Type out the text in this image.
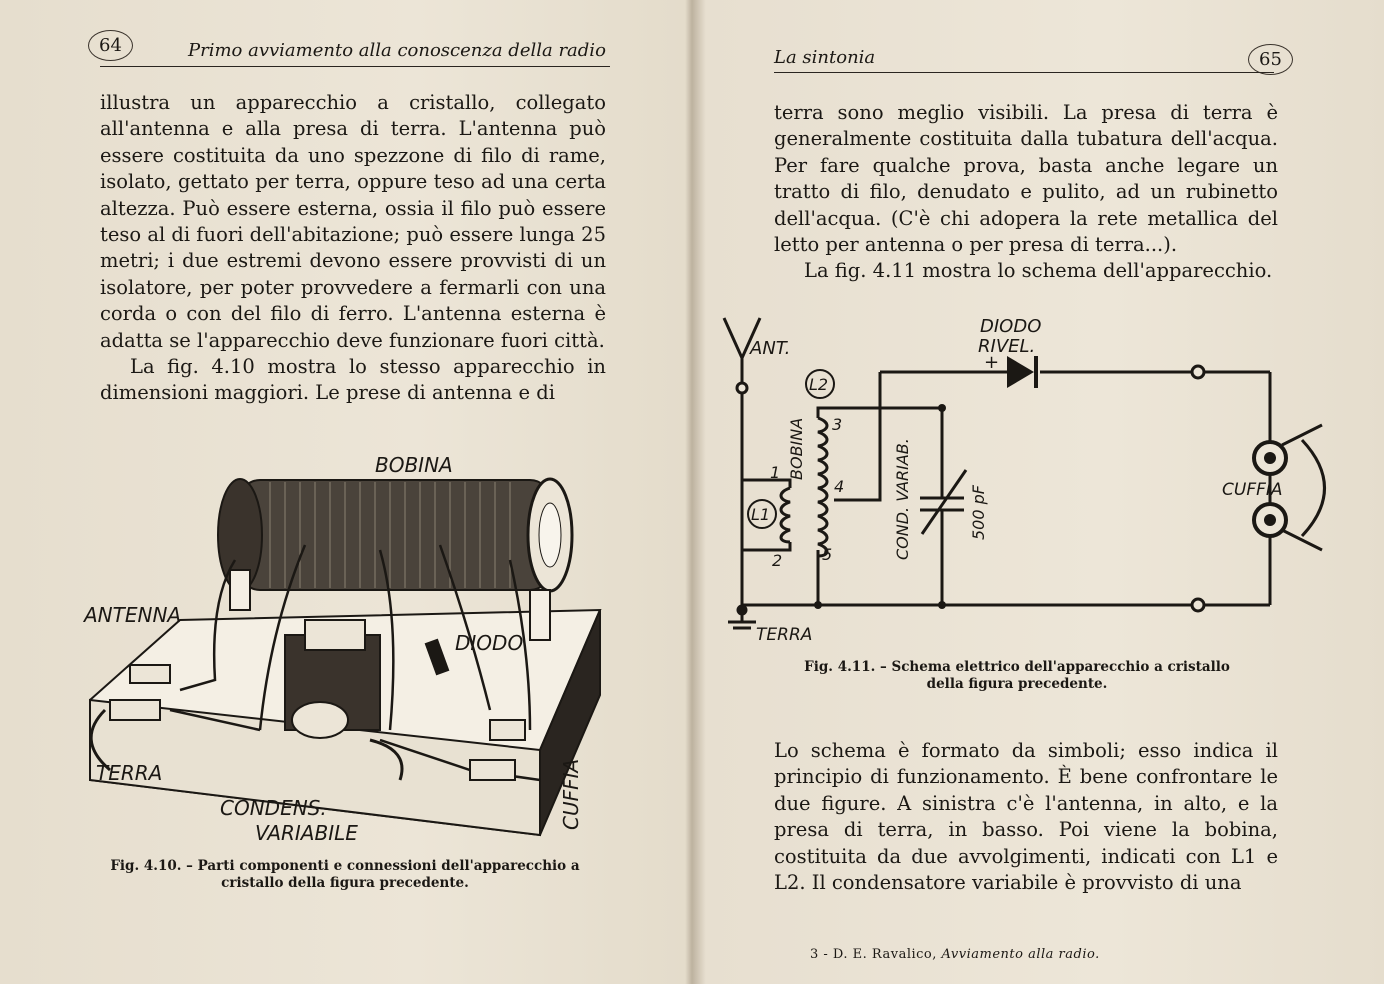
64	Primo avviamento alla conoscenza della radio

illustra un apparecchio a cristallo, collegato all'antenna e alla presa di terra. L'antenna può essere costituita da uno spezzone di filo di rame, isolato, gettato per terra, oppure teso ad una certa altezza. Può essere esterna, ossia il filo può essere teso al di fuori dell'abitazione; può essere lunga 25 metri; i due estremi devono essere provvisti di un isolatore, per poter provvedere a fermarli con una corda o con del filo di ferro. L'antenna esterna è adatta se l'apparecchio deve funzionare fuori città.

La fig. 4.10 mostra lo stesso apparecchio in dimensioni maggiori. Le prese di antenna e di

BOBINA
ANTENNA
DIODO
TERRA
CONDENS.
VARIABILE
CUFFIA
Fig. 4.10. – Parti componenti e connessioni dell'apparecchio a cristallo della figura precedente.
La sintonia	65

terra sono meglio visibili. La presa di terra è generalmente costituita dalla tubatura dell'acqua. Per fare qualche prova, basta anche legare un tratto di filo, denudato e pulito, ad un rubinetto dell'acqua. (C'è chi adopera la rete metallica del letto per antenna o per presa di terra...).

La fig. 4.11 mostra lo schema dell'apparecchio.

ANT.
DIODO
RIVEL.
+
L2
L1
BOBINA
1
2
3
4
5	COND. VARIAB.	500 pF	CUFFIA
TERRA
Fig. 4.11. – Schema elettrico dell'apparecchio a cristallo
della figura precedente.

Lo schema è formato da simboli; esso indica il principio di funzionamento. È bene confrontare le due figure. A sinistra c'è l'antenna, in alto, e la presa di terra, in basso. Poi viene la bobina, costituita da due avvolgimenti, indicati con L1 e L2. Il condensatore variabile è provvisto di una

3 - D. E. Ravalico, Avviamento alla radio.
